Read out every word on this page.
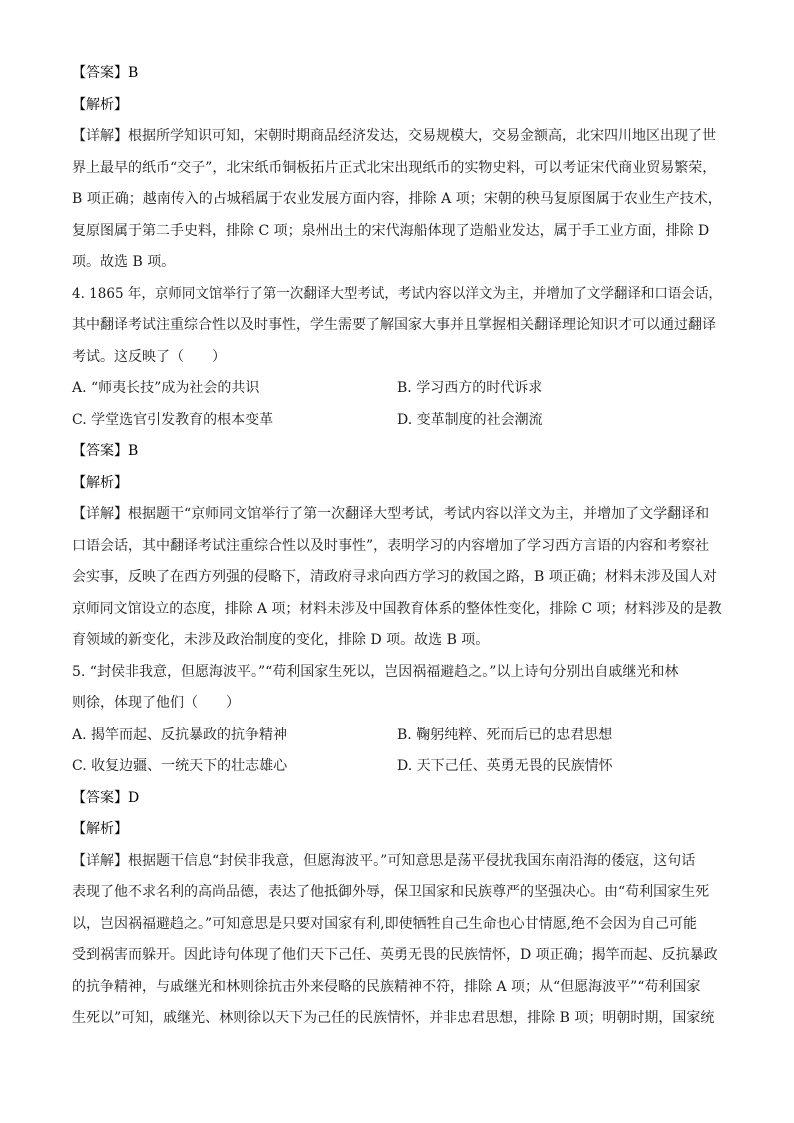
【答案】B
【解析】
【详解】根据所学知识可知，宋朝时期商品经济发达，交易规模大，交易金额高，北宋四川地区出现了世
界上最早的纸币“交子”，北宋纸币铜板拓片正式北宋出现纸币的实物史料，可以考证宋代商业贸易繁荣，
B 项正确；越南传入的占城稻属于农业发展方面内容，排除 A 项；宋朝的秧马复原图属于农业生产技术，
复原图属于第二手史料，排除 C 项；泉州出土的宋代海船体现了造船业发达，属于手工业方面，排除 D
项。故选 B 项。
4. 1865 年，京师同文馆举行了第一次翻译大型考试，考试内容以洋文为主，并增加了文学翻译和口语会话，
其中翻译考试注重综合性以及时事性，学生需要了解国家大事并且掌握相关翻译理论知识才可以通过翻译
考试。这反映了（　　）
A. “师夷长技”成为社会的共识	B. 学习西方的时代诉求
C. 学堂选官引发教育的根本变革	D. 变革制度的社会潮流
【答案】B
【解析】
【详解】根据题干“京师同文馆举行了第一次翻译大型考试，考试内容以洋文为主，并增加了文学翻译和
口语会话，其中翻译考试注重综合性以及时事性”，表明学习的内容增加了学习西方言语的内容和考察社
会实事，反映了在西方列强的侵略下，清政府寻求向西方学习的救国之路，B 项正确；材料未涉及国人对
京师同文馆设立的态度，排除 A 项；材料未涉及中国教育体系的整体性变化，排除 C 项；材料涉及的是教
育领域的新变化，未涉及政治制度的变化，排除 D 项。故选 B 项。
5. “封侯非我意，但愿海波平。”“苟利国家生死以，岂因祸福避趋之。”以上诗句分别出自戚继光和林
则徐，体现了他们（　　）
A. 揭竿而起、反抗暴政的抗争精神	B. 鞠躬纯粹、死而后已的忠君思想
C. 收复边疆、一统天下的壮志雄心	D. 天下己任、英勇无畏的民族情怀
【答案】D
【解析】
【详解】根据题干信息“封侯非我意，但愿海波平。”可知意思是荡平侵扰我国东南沿海的倭寇，这句话
表现了他不求名利的高尚品德，表达了他抵御外辱，保卫国家和民族尊严的坚强决心。由“苟利国家生死
以，岂因祸福避趋之。”可知意思是只要对国家有利,即使牺牲自己生命也心甘情愿,绝不会因为自己可能
受到祸害而躲开。因此诗句体现了他们天下己任、英勇无畏的民族情怀，D 项正确；揭竿而起、反抗暴政
的抗争精神，与戚继光和林则徐抗击外来侵略的民族精神不符，排除 A 项；从“但愿海波平”“苟利国家
生死以”可知，戚继光、林则徐以天下为己任的民族情怀，并非忠君思想，排除 B 项；明朝时期，国家统
